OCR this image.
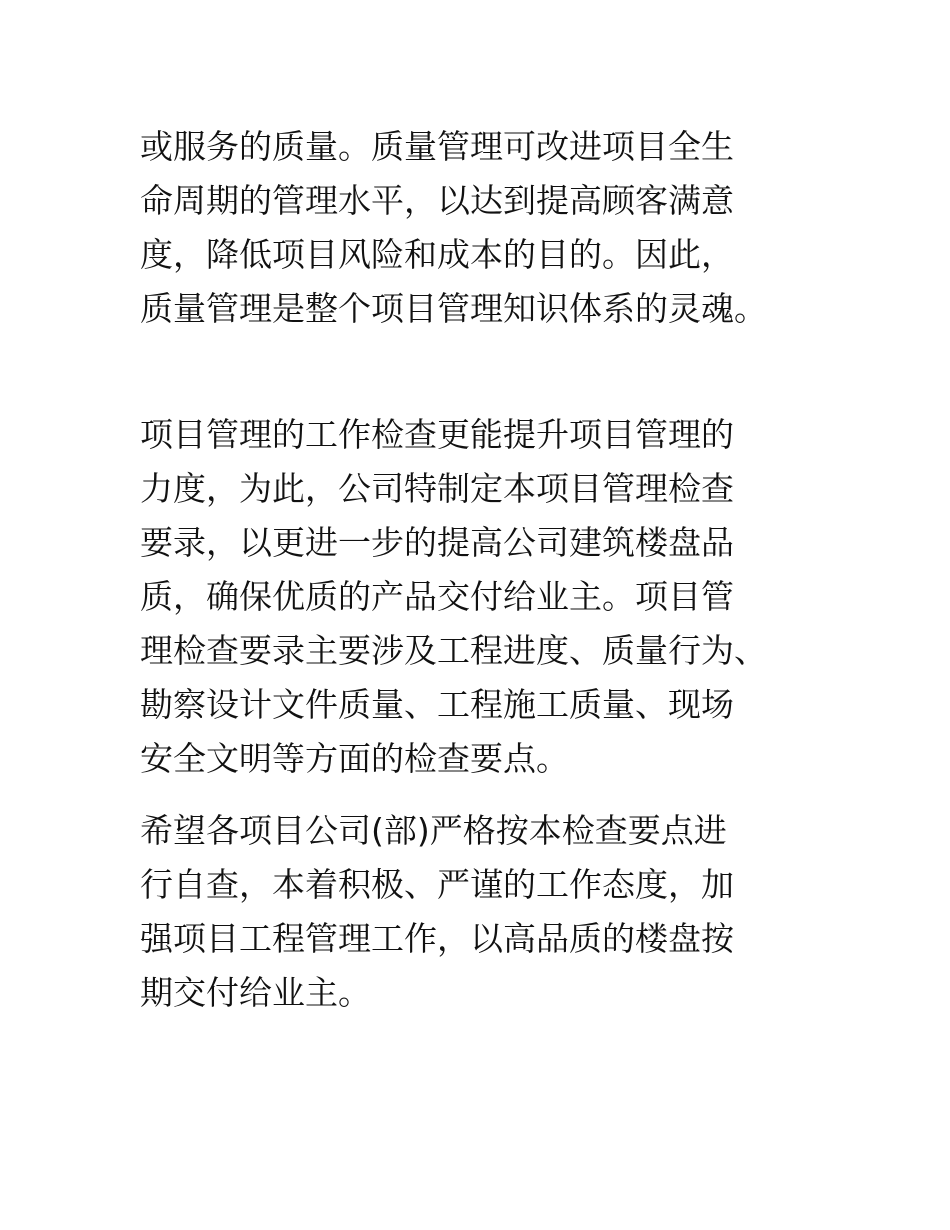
或服务的质量。质量管理可改进项目全生
命周期的管理水平，以达到提高顾客满意
度，降低项目风险和成本的目的。因此，
质量管理是整个项目管理知识体系的灵魂。
项目管理的工作检查更能提升项目管理的
力度，为此，公司特制定本项目管理检查
要录，以更进一步的提高公司建筑楼盘品
质，确保优质的产品交付给业主。项目管
理检查要录主要涉及工程进度、质量行为、
勘察设计文件质量、工程施工质量、现场
安全文明等方面的检查要点。
希望各项目公司(部)严格按本检查要点进
行自查，本着积极、严谨的工作态度，加
强项目工程管理工作，以高品质的楼盘按
期交付给业主。
